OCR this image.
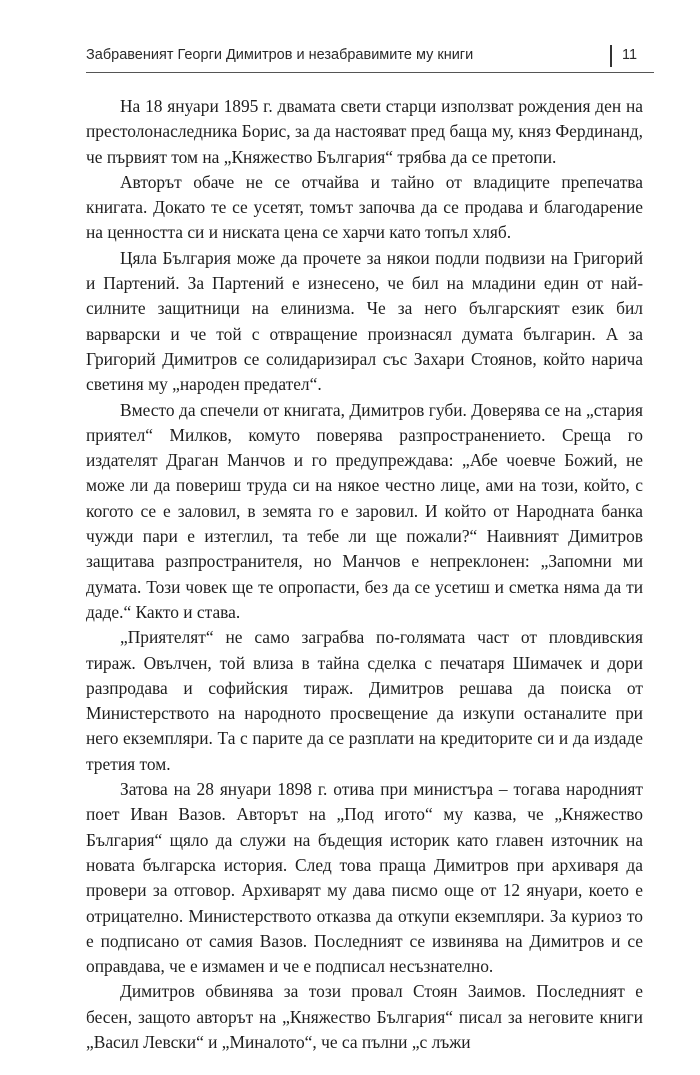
Забравеният Георги Димитров и незабравимите му книги	11

На 18 януари 1895 г. двамата свети старци използват рождения ден на престолонаследника Борис, за да настояват пред баща му, княз Фердинанд, че първият том на „Княжество България“ трябва да се претопи.

Авторът обаче не се отчайва и тайно от владиците препечатва книгата. Докато те се усетят, томът започва да се продава и благодарение на ценността си и ниската цена се харчи като топъл хляб.

Цяла България може да прочете за някои подли подвизи на Григорий и Партений. За Партений е изнесено, че бил на младини един от най-силните защитници на елинизма. Че за него българският език бил варварски и че той с отвращение произнасял думата българин. А за Григорий Димитров се солидаризирал със Захари Стоянов, който нарича светиня му „народен предател“.

Вместо да спечели от книгата, Димитров губи. Доверява се на „стария приятел“ Милков, комуто поверява разпространението. Среща го издателят Драган Манчов и го предупреждава: „Абе чоевче Божий, не може ли да повериш труда си на някое честно лице, ами на този, който, с когото се е заловил, в земята го е заровил. И който от Народната банка чужди пари е изтеглил, та тебе ли ще пожали?“ Наивният Димитров защитава разпространителя, но Манчов е непреклонен: „Запомни ми думата. Този човек ще те опропасти, без да се усетиш и сметка няма да ти даде.“ Както и става.

„Приятелят“ не само заграбва по-голямата част от пловдивския тираж. Овълчен, той влиза в тайна сделка с печатаря Шимачек и дори разпродава и софийския тираж. Димитров решава да поиска от Министерството на народното просвещение да изкупи останалите при него екземпляри. Та с парите да се разплати на кредиторите си и да издаде третия том.

Затова на 28 януари 1898 г. отива при министъра – тогава народният поет Иван Вазов. Авторът на „Под игото“ му казва, че „Княжество България“ щяло да служи на бъдещия историк като главен източник на новата българска история. След това праща Димитров при архиваря да провери за отговор. Архиварят му дава писмо още от 12 януари, което е отрицателно. Министерството отказва да откупи екземпляри. За куриоз то е подписано от самия Вазов. Последният се извинява на Димитров и се оправдава, че е измамен и че е подписал несъзнателно.

Димитров обвинява за този провал Стоян Заимов. Последният е бесен, защото авторът на „Княжество България“ писал за неговите книги „Васил Левски“ и „Миналото“, че са пълни „с лъжи
